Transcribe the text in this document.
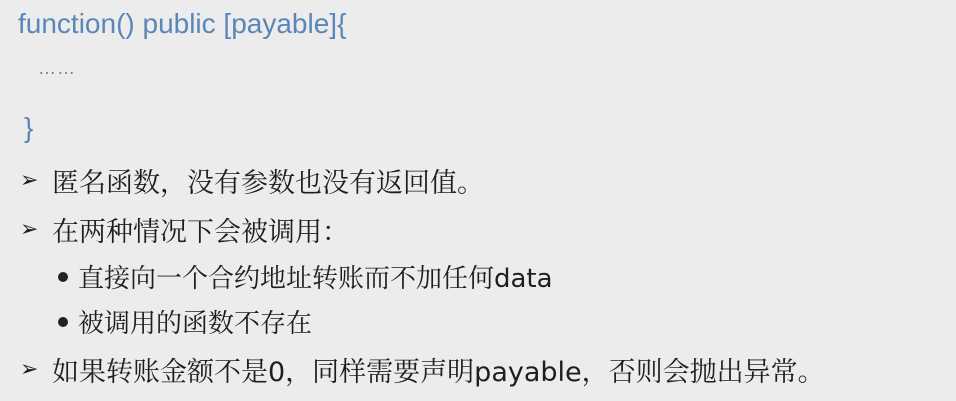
function() public [payable]{
……
}
➢ 匿名函数，没有参数也没有返回值。
➢ 在两种情况下会被调用：
直接向一个合约地址转账而不加任何data
被调用的函数不存在
➢ 如果转账金额不是0，同样需要声明payable，否则会抛出异常。
